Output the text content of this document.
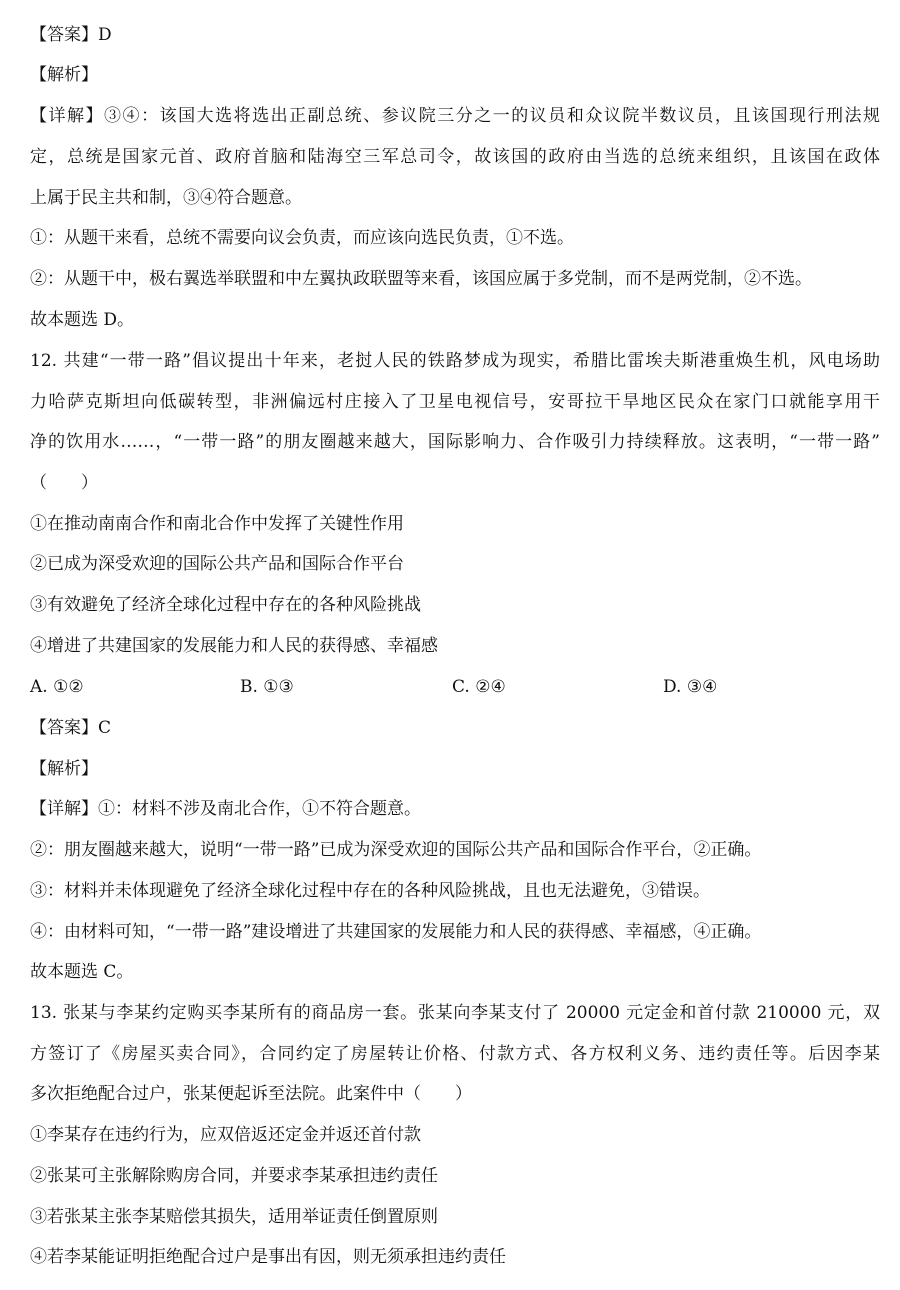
【答案】D
【解析】
【详解】③④：该国大选将选出正副总统、参议院三分之一的议员和众议院半数议员，且该国现行刑法规
定，总统是国家元首、政府首脑和陆海空三军总司令，故该国的政府由当选的总统来组织，且该国在政体
上属于民主共和制，③④符合题意。
①：从题干来看，总统不需要向议会负责，而应该向选民负责，①不选。
②：从题干中，极右翼选举联盟和中左翼执政联盟等来看，该国应属于多党制，而不是两党制，②不选。
故本题选 D。
12. 共建“一带一路”倡议提出十年来，老挝人民的铁路梦成为现实，希腊比雷埃夫斯港重焕生机，风电场助
力哈萨克斯坦向低碳转型，非洲偏远村庄接入了卫星电视信号，安哥拉干旱地区民众在家门口就能享用干
净的饮用水……，“一带一路”的朋友圈越来越大，国际影响力、合作吸引力持续释放。这表明，“一带一路”
（　　）
①在推动南南合作和南北合作中发挥了关键性作用
②已成为深受欢迎的国际公共产品和国际合作平台
③有效避免了经济全球化过程中存在的各种风险挑战
④增进了共建国家的发展能力和人民的获得感、幸福感
A. ①②	B. ①③	C. ②④	D. ③④
【答案】C
【解析】
【详解】①：材料不涉及南北合作，①不符合题意。
②：朋友圈越来越大，说明“一带一路”已成为深受欢迎的国际公共产品和国际合作平台，②正确。
③：材料并未体现避免了经济全球化过程中存在的各种风险挑战，且也无法避免，③错误。
④：由材料可知，“一带一路”建设增进了共建国家的发展能力和人民的获得感、幸福感，④正确。
故本题选 C。
13. 张某与李某约定购买李某所有的商品房一套。张某向李某支付了 20000 元定金和首付款 210000 元，双
方签订了《房屋买卖合同》，合同约定了房屋转让价格、付款方式、各方权利义务、违约责任等。后因李某
多次拒绝配合过户，张某便起诉至法院。此案件中（　　）
①李某存在违约行为，应双倍返还定金并返还首付款
②张某可主张解除购房合同，并要求李某承担违约责任
③若张某主张李某赔偿其损失，适用举证责任倒置原则
④若李某能证明拒绝配合过户是事出有因，则无须承担违约责任
